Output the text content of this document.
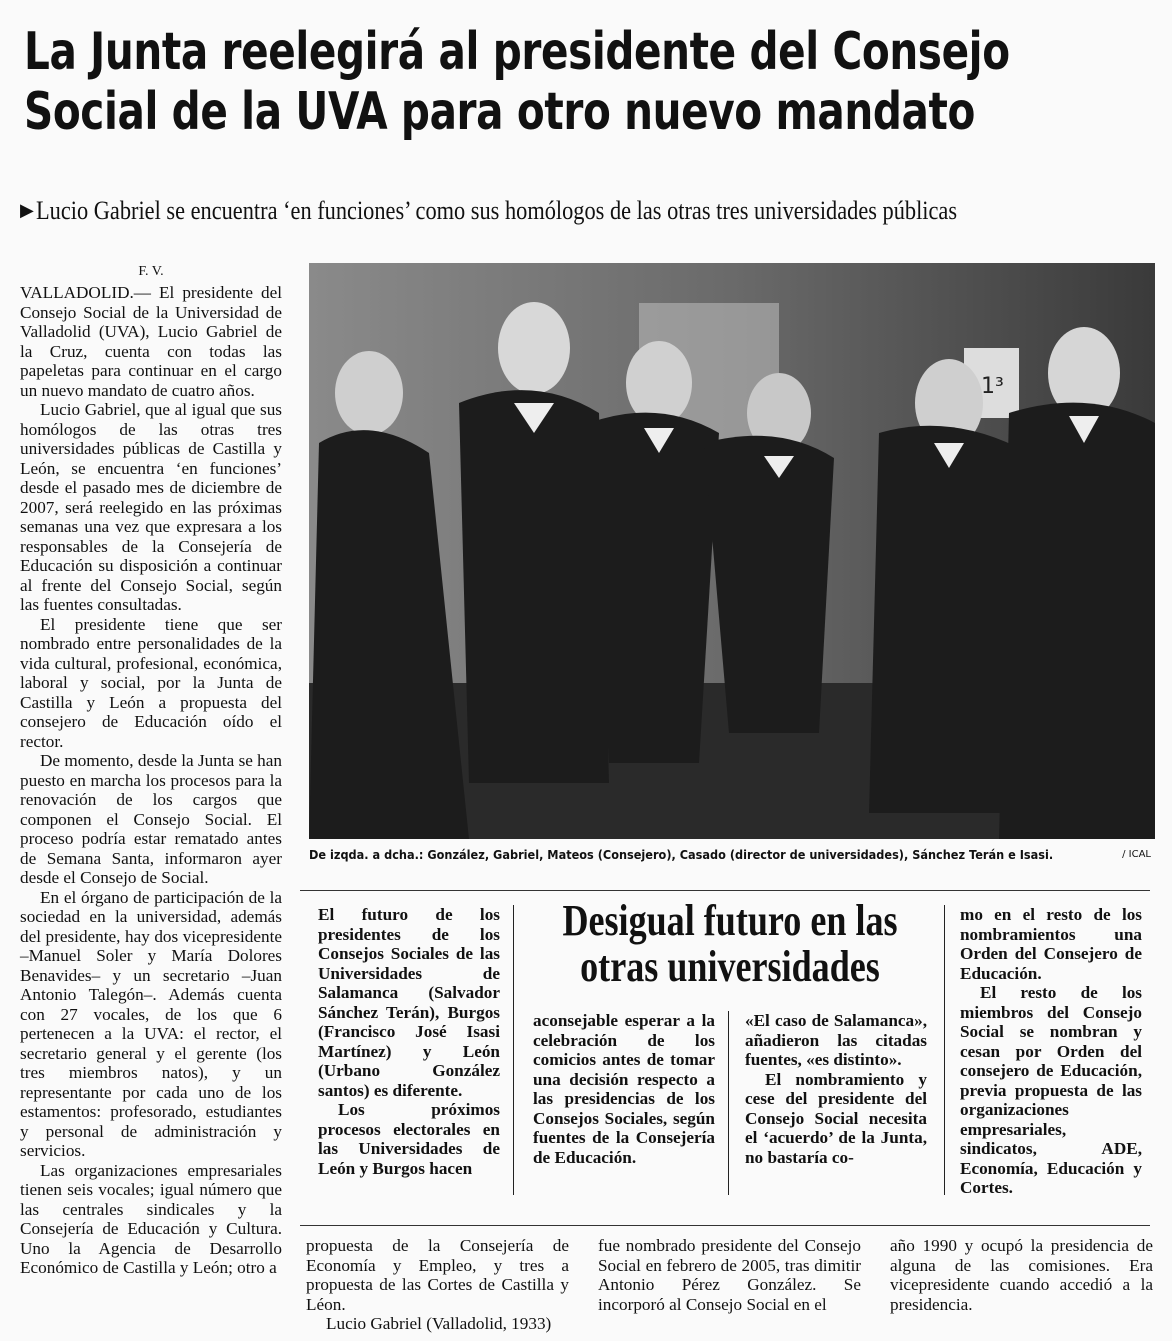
La Junta reelegirá al presidente del Consejo
Social de la UVA para otro nuevo mandato
▶Lucio Gabriel se encuentra ‘en funciones’ como sus homólogos de las otras tres universidades públicas
F. V.

VALLADOLID.— El presidente del Consejo Social de la Universidad de Valladolid (UVA), Lucio Gabriel de la Cruz, cuenta con todas las papeletas para continuar en el cargo un nuevo mandato de cuatro años.

Lucio Gabriel, que al igual que sus homólogos de las otras tres universidades públicas de Castilla y León, se encuentra ‘en funciones’ desde el pasado mes de diciembre de 2007, será reelegido en las próximas semanas una vez que expresara a los responsables de la Consejería de Educación su disposición a continuar al frente del Consejo Social, según las fuentes consultadas.

El presidente tiene que ser nombrado entre personalidades de la vida cultural, profesional, económica, laboral y social, por la Junta de Castilla y León a propuesta del consejero de Educación oído el rector.

De momento, desde la Junta se han puesto en marcha los procesos para la renovación de los cargos que componen el Consejo Social. El proceso podría estar rematado antes de Semana Santa, informaron ayer desde el Consejo de Social.

En el órgano de participación de la sociedad en la universidad, además del presidente, hay dos vicepresidente –Manuel Soler y María Dolores Benavides– y un secretario –Juan Antonio Talegón–. Además cuenta con 27 vocales, de los que 6 pertenecen a la UVA: el rector, el secretario general y el gerente (los tres miembros natos), y un representante por cada uno de los estamentos: profesorado, estudiantes y personal de administración y servicios.

Las organizaciones empresariales tienen seis vocales; igual número que las centrales sindicales y la Consejería de Educación y Cultura. Uno la Agencia de Desarrollo Económico de Castilla y León; otro a

1³
De izqda. a dcha.: González, Gabriel, Mateos (Consejero), Casado (director de universidades), Sánchez Terán e Isasi.	/ ICAL

El futuro de los presidentes de los Consejos Sociales de las Universidades de Salamanca (Salvador Sánchez Terán), Burgos (Francisco José Isasi Martínez) y León (Urbano González santos) es diferente.

Los próximos procesos electorales en las Universidades de León y Burgos hacen

Desigual futuro en las
otras universidades

aconsejable esperar a la celebración de los comicios antes de tomar una decisión respecto a las presidencias de los Consejos Sociales, según fuentes de la Consejería de Educación.

«El caso de Salamanca», añadieron las citadas fuentes, «es distinto».

El nombramiento y cese del presidente del Consejo Social necesita el ‘acuerdo’ de la Junta, no bastaría co-

mo en el resto de los nombramientos una Orden del Consejero de Educación.

El resto de los miembros del Consejo Social se nombran y cesan por Orden del consejero de Educación, previa propuesta de las organizaciones empresariales, sindicatos, ADE, Economía, Educación y Cortes.

propuesta de la Consejería de Economía y Empleo, y tres a propuesta de las Cortes de Castilla y Léon.

Lucio Gabriel (Valladolid, 1933)

fue nombrado presidente del Consejo Social en febrero de 2005, tras dimitir Antonio Pérez González. Se incorporó al Consejo Social en el

año 1990 y ocupó la presidencia de alguna de las comisiones. Era vicepresidente cuando accedió a la presidencia.
